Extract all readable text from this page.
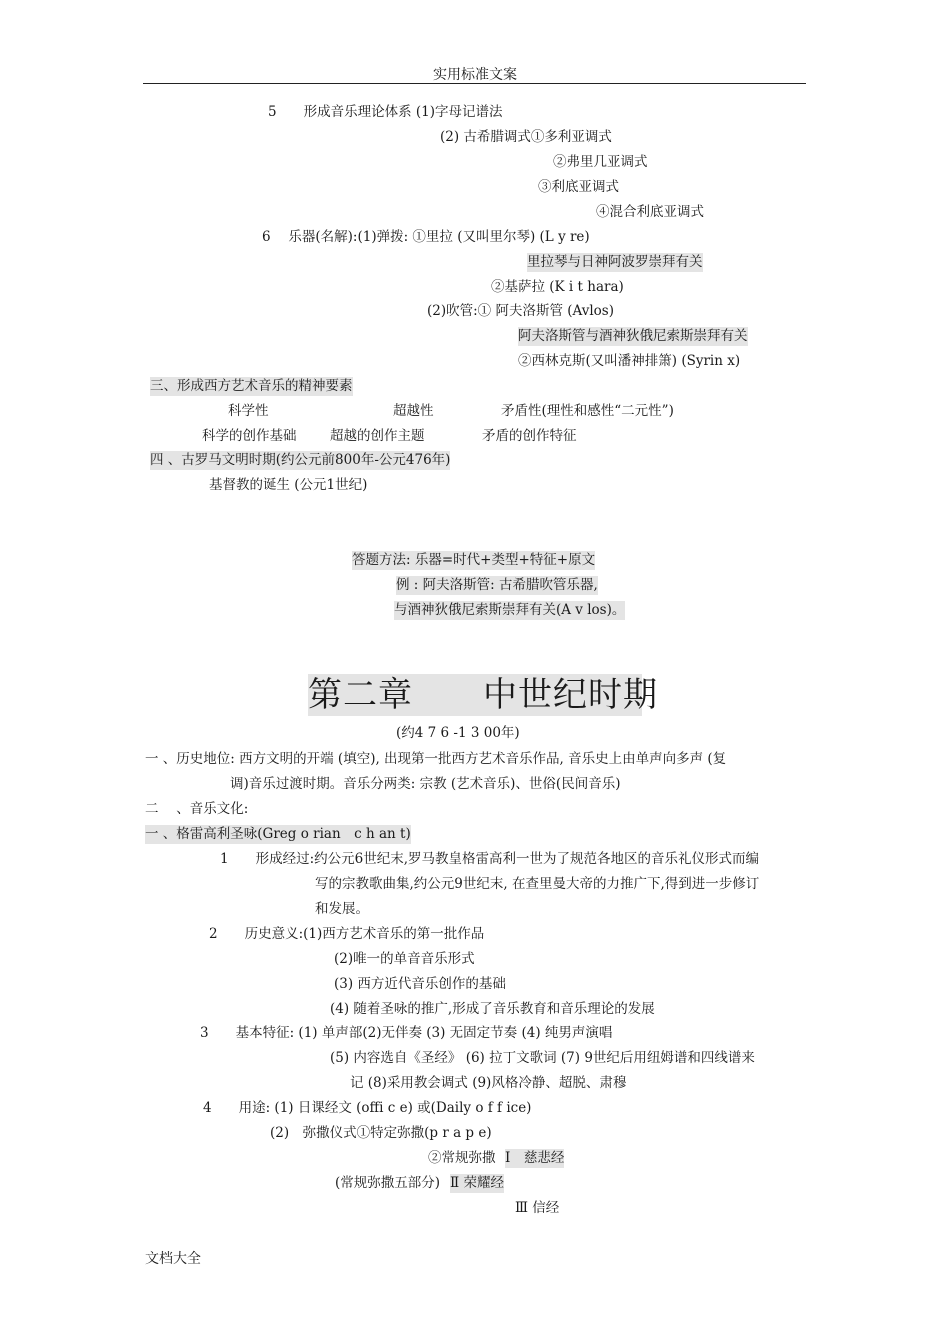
实用标准文案
5　　形成音乐理论体系 (1)字母记谱法
(2) 古希腊调式①多利亚调式
②弗里几亚调式
③利底亚调式
④混合利底亚调式
6　 乐器(名解):(1)弹拨: ①里拉 (又叫里尔琴) (L y re)
里拉琴与日神阿波罗崇拜有关
②基萨拉 (K i t hara)
(2)吹管:① 阿夫洛斯管 (Avlos)
阿夫洛斯管与酒神狄俄尼索斯崇拜有关
②西林克斯(又叫潘神排箫) (Syrin x)
三、形成西方艺术音乐的精神要素
科学性	超越性	矛盾性(理性和感性“二元性”)
科学的创作基础 超越的创作主题	矛盾的创作特征
四 、古罗马文明时期(约公元前800年-公元476年)
基督教的诞生 (公元1世纪)
答题方法: 乐器=时代+类型+特征+原文
例 : 阿夫洛斯管: 古希腊吹管乐器,
与酒神狄俄尼索斯崇拜有关(A v los)。
第二章 中世纪时期
(约4 7 6 -1 3 00年)
一 、历史地位: 西方文明的开端 (填空), 出现第一批西方艺术音乐作品, 音乐史上由单声向多声 (复
调)音乐过渡时期。音乐分两类: 宗教 (艺术音乐)、世俗(民间音乐)
二　 、音乐文化:
一 、格雷高利圣咏(Greg o rian　c h an t)
1　　形成经过:约公元6世纪末,罗马教皇格雷高利一世为了规范各地区的音乐礼仪形式而编
写的宗教歌曲集,约公元9世纪末, 在查里曼大帝的力推广下,得到进一步修订
和发展。
2　　历史意义:(1)西方艺术音乐的第一批作品
(2)唯一的单音音乐形式
(3) 西方近代音乐创作的基础
(4) 随着圣咏的推广,形成了音乐教育和音乐理论的发展
3　　基本特征: (1) 单声部(2)无伴奏 (3) 无固定节奏 (4) 纯男声演唱
(5) 内容选自《圣经》 (6) 拉丁文歌词 (7) 9世纪后用纽姆谱和四线谱来
记 (8)采用教会调式 (9)风格冷静、超脱、肃穆
4　　用途: (1) 日课经文 (offi c e) 或(Daily o f f ice)
(2)　弥撒仪式①特定弥撒(p r a p e)
②常规弥撒 Ⅰ　慈悲经
(常规弥撒五部分) Ⅱ 荣耀经
Ⅲ 信经
文档大全
